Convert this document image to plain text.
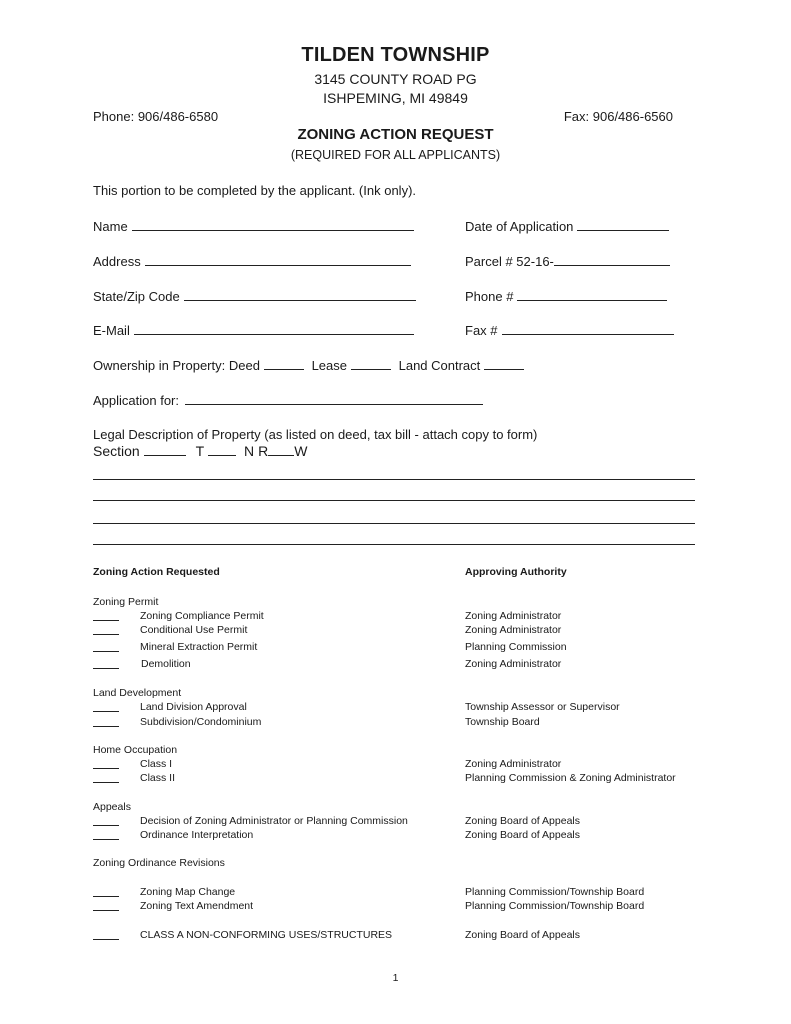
TILDEN TOWNSHIP
3145 COUNTY ROAD PG
ISHPEMING, MI 49849
Phone: 906/486-6580	Fax: 906/486-6560
ZONING ACTION REQUEST
(REQUIRED FOR ALL APPLICANTS)
This portion to be completed by the applicant. (Ink only).
Name	Date of Application
Address	Parcel # 52-16-
State/Zip Code	Phone #
E-Mail	Fax #
Ownership in Property: Deed	Lease	Land Contract
Application for:
Legal Description of Property (as listed on deed, tax bill - attach copy to form)
Section	T	N R W
Zoning Action Requested	Approving Authority
Zoning Permit
Zoning Compliance Permit	Zoning Administrator
Conditional Use Permit	Zoning Administrator
Mineral Extraction Permit	Planning Commission
Demolition	Zoning Administrator
Land Development
Land Division Approval	Township Assessor or Supervisor
Subdivision/Condominium	Township Board
Home Occupation
Class I	Zoning Administrator
Class II	Planning Commission & Zoning Administrator
Appeals
Decision of Zoning Administrator or Planning Commission	Zoning Board of Appeals
Ordinance Interpretation	Zoning Board of Appeals
Zoning Ordinance Revisions
Zoning Map Change	Planning Commission/Township Board
Zoning Text Amendment	Planning Commission/Township Board
CLASS A NON-CONFORMING USES/STRUCTURES	Zoning Board of Appeals
1
